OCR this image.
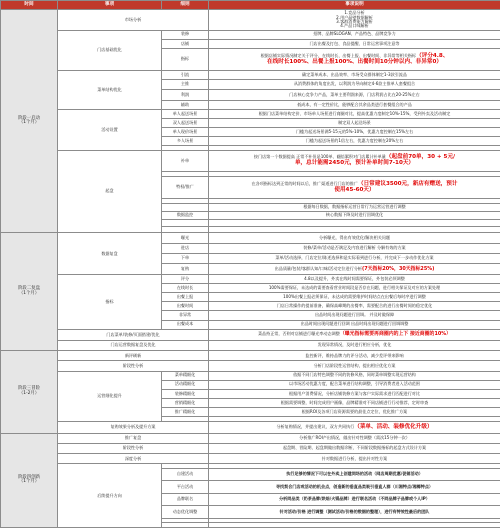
时间	事项	细则	事项说明
阶段一启动
（1个月）	市场分析		1.竞品分析
2.用户晶壁数据解析
3.客群消费能力解析
4.产品口味解析
	门店基础优化	装修	招牌、品牌SLOGAN、产品特色、品牌竞争力
		店铺	门店出餐及打包、食品提醒、日常运营事项注意等
		指标	根据店铺实际情况制定关于评分，在线时长、出餐上报、出餐时间、非异常等相关指标（评分4.8、
在线时长100%、出餐上报100%、出餐时间10分钟以内、非异常0）
	菜单结构优化	引流	确定菜单成本、出品效率、市场受众群体制定1-3款引流品
		主推	从消费群体的角度出发，以利润为导向制定4-6款主推单人套餐组合
		利润	门店核心竞争力产品，菜单主要利润来源，门店利润占比在20-25%左右
		辅助	低成本，有一定性价比，能够配合其余品类进行套餐组合的产品
	活动设置	单人起送场景	根据门店菜单结构定价、市场单人场景进行商圈对比，提高优惠力度制定10%-15%，受到外卖及活动制定
		双人起送场景	制定双人起送场景
		单人现价场景	门槛为起送场景满5-15元的5%-10%，优惠力度控制在15%左右
		多人场景	门槛为起送场景的1倍左右，优惠力度控制在20%左右

	起盘	补单	按门店第一个数据提高 正常不补但是100单、翻倍累积对门店累计补单量（起盘前70单，30 + 5元/
单，总计能需2450元，预计补单时间7-10天）

		特权/推广	在各项指标达到正常的时间以后，推广渠道进行门店的推广（日常建议3500元，新店有赠送，预计
使用45-60天）

			根据每日数据，数据指标运营日常行为运营运营进行调整
		数据监控	核心数据下降及时进行回调优化

阶段二复盘
（1个月）	数据复盘	曝光	分析曝光，得出有效优化/解决相关问题
		进店	装修/菜单/活动是否满足及内容进行解析 分解有效的方案
		下单	菜单/活动选择，门店定位/陈述选择和是实际看到进行分析，并完成下一步动作优化方案
		复购	出品质量/包装/客群认知/口味/活动定位进行分析(7天指标20%，30天指标25%)
	指标	评分	4.8以及提升，外卖在线时间需要保证，外包装必须调整
		在线时长	100%需要保证，未达成的需要查看营业时间段是否存在问题，进行相关保证及对应的方案处理
		出餐上报	100%出餐上报必须保证，未达成的需要维护时间结点在出餐后每时序进行调整
		出餐时间	门店日常操作的提前准备，确保高峰期的出餐率，需要配合的进行出餐时间的稳定优化
		非异常	出品时间出现问题进行回调。 并及时做保障
		出餐成本	出品时间出现问题进行回调 出品时间出现问题进行回调调整
	门店菜单/装修/页面搭建/优化		菜品持正常，否则对店铺进行曝光率动态调整（曝光指标需要再商圈内的上下 接近商圈的10%）
	门店运营数据复盘及优化		发现异常情况，及时进行相应分析，优化
阶段三冒险
（1-2月）	新评刷新		监控新评，维持品牌力的评分活动，减少差评带来影响
	阶段性分析		分析门店阶段性运营结构，提出相应优化方案
	运营细化提升	菜单精细化	依据不同门店特色调整不同的装修风格，同时菜单调整实现运营结构
		活动精细化	以市场活动优惠力度，配合菜单进行结构调整，引导消费者进入活动范围
		装修精细化	根据用户消费情况，分析店铺装修方案与客户实际需求进行匹配进行对比
		营销精细化	根据需要调整，时间完成用户画像，品牌精准对不同店铺进行行动推荐，定时审查
		推广精细化	根据ROI及各项门店资源需要的最佳点定位，优化推广方案

	复购效果分析及提升方案		分析复购情况，并提出建议，双方共同执行（菜单、活动、装修优化升级）
阶段四创新
（1个月）	推广复盘		分析推广ROI产出情况，做出针对性调整（需次15分钟一次）
	阶段性分析		起盘期、冒险期、起盘期做出数据诊断，不同阶段数据指标的起盘方式设计方案
	深度分析		针对数据进行分析，提出针对性方案
	后续提升方向		
		自建活动	执行足够的情况下可以在外卖上创建同场的活动（网店周期优惠/促销活动）
		平台活动	寻找契合门店或活动的机会点，创造新的垂直品类吸引垂直人群（川湘特点/湘椰特点）
		品牌联名	分析同品类（奶茶品牌/烘焙/火锅品牌）进行联名活动（不同品牌子品牌或个人IP）
		动态优化调整	针对活动/价格 进行调整（测试活动/价格的数据的整理），进行有特效性最后的团队
